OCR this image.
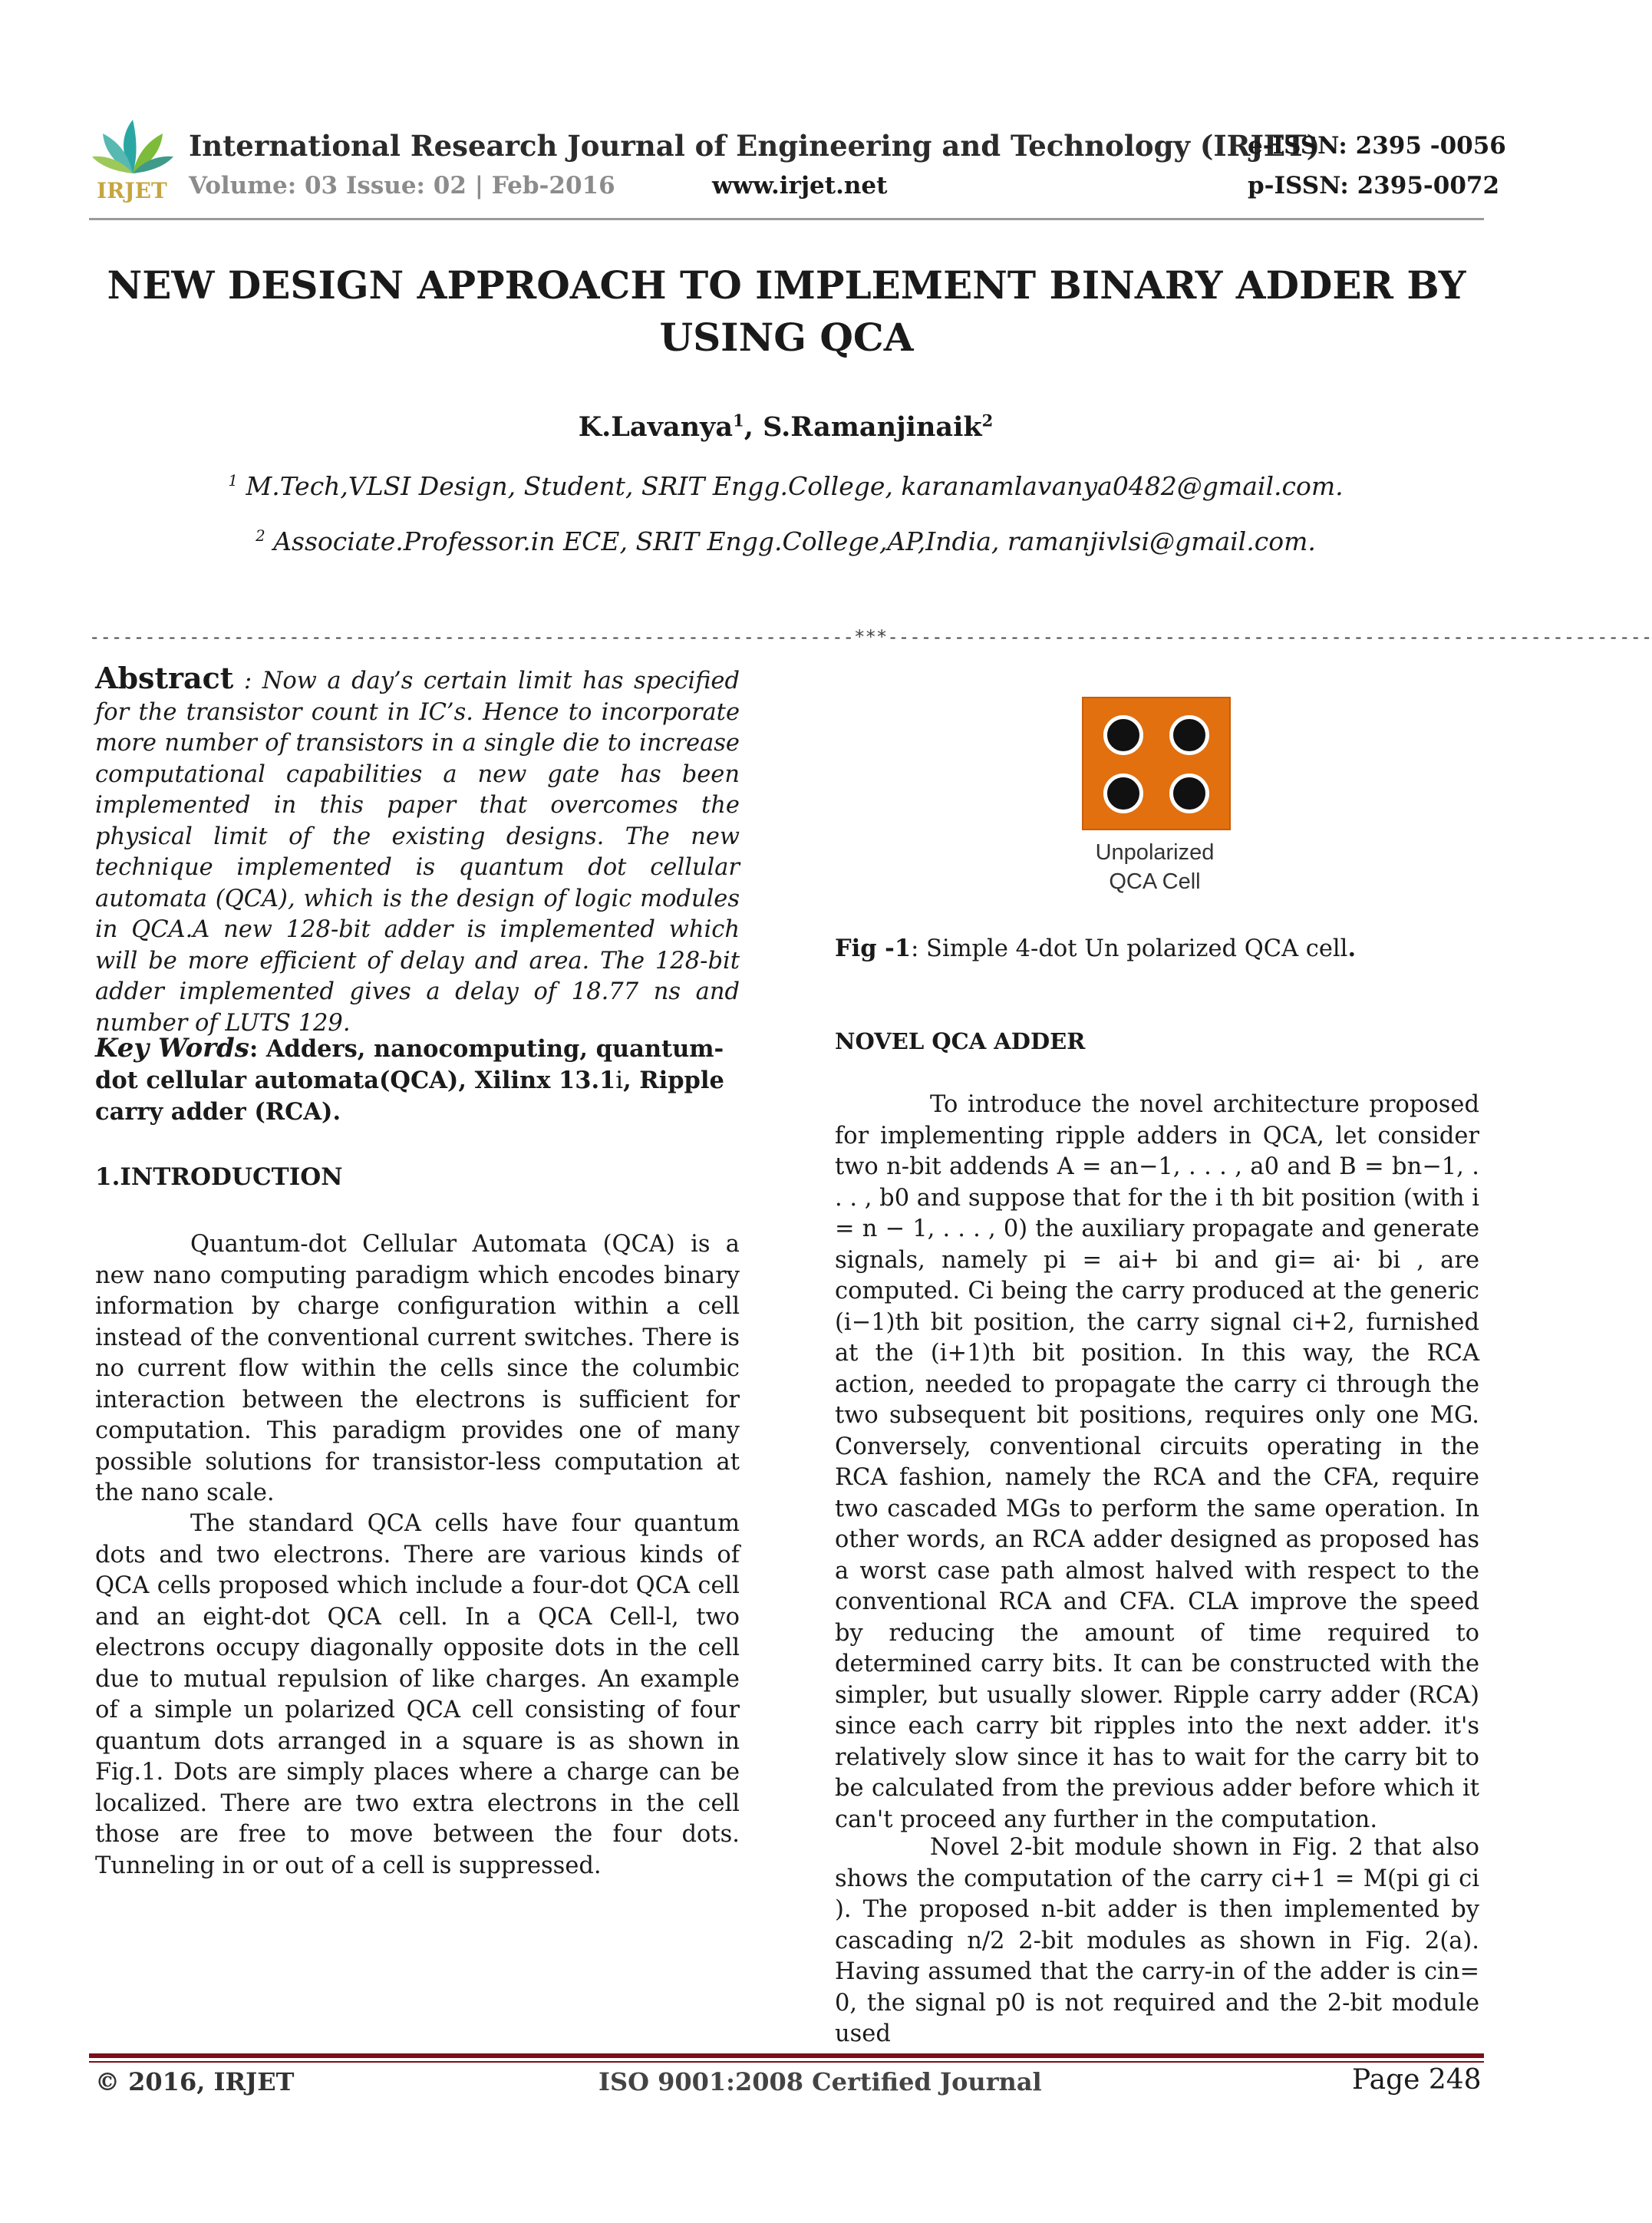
IRJET
International Research Journal of Engineering and Technology (IRJET)
e-ISSN: 2395 -0056
Volume: 03 Issue: 02 | Feb-2016	www.irjet.net	p-ISSN: 2395-0072
NEW DESIGN APPROACH TO IMPLEMENT BINARY ADDER BY USING QCA
K.Lavanya$^1$, S.Ramanjinaik$^2$
$^1$ M.Tech,VLSI Design, Student, SRIT Engg.College, karanamlavanya0482@gmail.com.
$^2$ Associate.Professor.in ECE, SRIT Engg.College,AP,India, ramanjivlsi@gmail.com.
---------------------------------------------------------------------***---------------------------------------------------------------------
Abstract : Now a day’s certain limit has specified for the transistor count in IC’s. Hence to incorporate more number of transistors in a single die to increase computational capabilities a new gate has been implemented in this paper that overcomes the physical limit of the existing designs. The new technique implemented is quantum dot cellular automata (QCA), which is the design of logic modules in QCA.A new 128-bit adder is implemented which will be more efficient of delay and area. The 128-bit adder implemented gives a delay of 18.77 ns and number of LUTS 129.
Key Words: Adders, nanocomputing, quantum-dot cellular automata(QCA), Xilinx 13.1i, Ripple carry adder (RCA).
1.INTRODUCTION
Quantum-dot Cellular Automata (QCA) is a new nano computing paradigm which encodes binary information by charge configuration within a cell instead of the conventional current switches. There is no current flow within the cells since the columbic interaction between the electrons is sufficient for computation. This paradigm provides one of many possible solutions for transistor-less computation at the nano scale.
The standard QCA cells have four quantum dots and two electrons. There are various kinds of QCA cells proposed which include a four-dot QCA cell and an eight-dot QCA cell. In a QCA Cell-l, two electrons occupy diagonally opposite dots in the cell due to mutual repulsion of like charges. An example of a simple un polarized QCA cell consisting of four quantum dots arranged in a square is as shown in Fig.1. Dots are simply places where a charge can be localized. There are two extra electrons in the cell those are free to move between the four dots. Tunneling in or out of a cell is suppressed.
Unpolarized
QCA Cell
Fig -1: Simple 4-dot Un polarized QCA cell.
NOVEL QCA ADDER
To introduce the novel architecture proposed for implementing ripple adders in QCA, let consider two n-bit addends A = an−1, . . . , a0 and B = bn−1, . . . , b0 and suppose that for the i th bit position (with i = n − 1, . . . , 0) the auxiliary propagate and generate signals, namely pi = ai+ bi and gi= ai· bi , are computed. Ci being the carry produced at the generic (i−1)th bit position, the carry signal ci+2, furnished at the (i+1)th bit position. In this way, the RCA action, needed to propagate the carry ci through the two subsequent bit positions, requires only one MG. Conversely, conventional circuits operating in the RCA fashion, namely the RCA and the CFA, require two cascaded MGs to perform the same operation. In other words, an RCA adder designed as proposed has a worst case path almost halved with respect to the conventional RCA and CFA. CLA improve the speed by reducing the amount of time required to determined carry bits. It can be constructed with the simpler, but usually slower. Ripple carry adder (RCA) since each carry bit ripples into the next adder. it's relatively slow since it has to wait for the carry bit to be calculated from the previous adder before which it can't proceed any further in the computation.
Novel 2-bit module shown in Fig. 2 that also shows the computation of the carry ci+1 = M(pi gi ci ). The proposed n-bit adder is then implemented by cascading n/2 2-bit modules as shown in Fig. 2(a). Having assumed that the carry-in of the adder is cin= 0, the signal p0 is not required and the 2-bit module used
© 2016, IRJET	ISO 9001:2008 Certified Journal	Page 248
